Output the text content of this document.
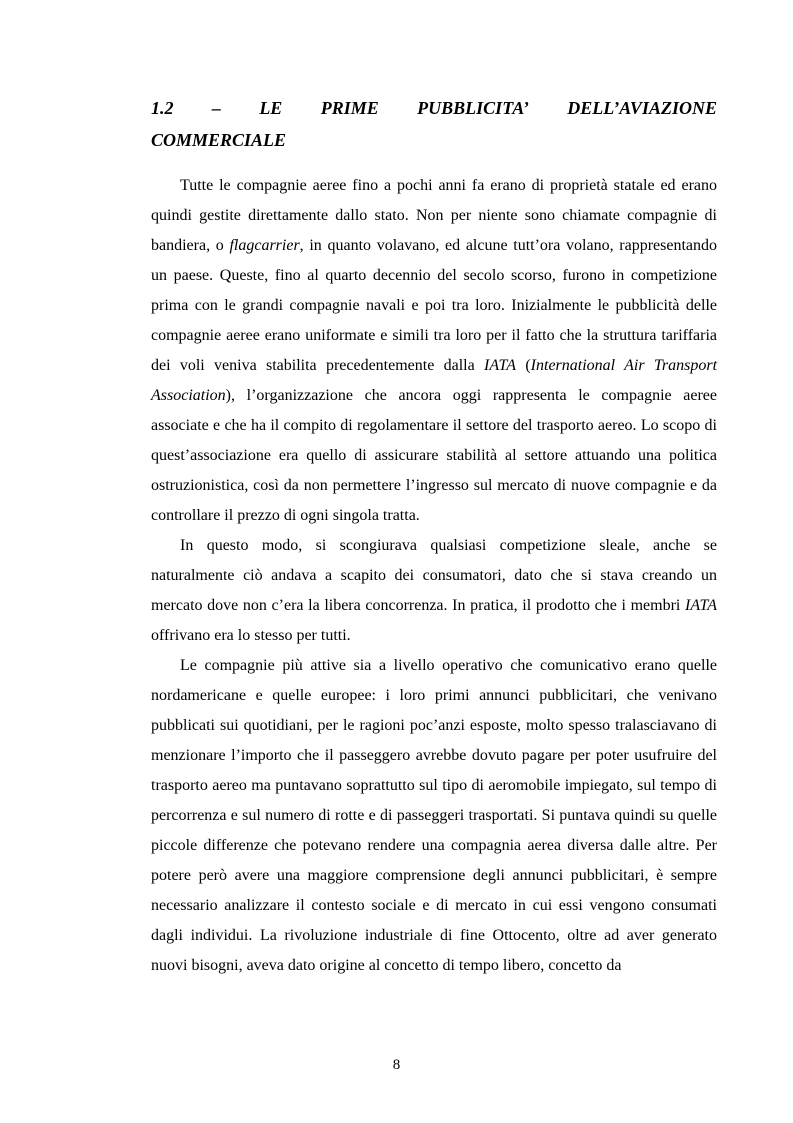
1.2 – LE PRIME PUBBLICITA’ DELL’AVIAZIONE
COMMERCIALE

Tutte le compagnie aeree fino a pochi anni fa erano di proprietà statale ed erano quindi gestite direttamente dallo stato. Non per niente sono chiamate compagnie di bandiera, o flagcarrier, in quanto volavano, ed alcune tutt’ora volano, rappresentando un paese. Queste, fino al quarto decennio del secolo scorso, furono in competizione prima con le grandi compagnie navali e poi tra loro. Inizialmente le pubblicità delle compagnie aeree erano uniformate e simili tra loro per il fatto che la struttura tariffaria dei voli veniva stabilita precedentemente dalla IATA (International Air Transport Association), l’organizzazione che ancora oggi rappresenta le compagnie aeree associate e che ha il compito di regolamentare il settore del trasporto aereo. Lo scopo di quest’associazione era quello di assicurare stabilità al settore attuando una politica ostruzionistica, così da non permettere l’ingresso sul mercato di nuove compagnie e da controllare il prezzo di ogni singola tratta.

In questo modo, si scongiurava qualsiasi competizione sleale, anche se naturalmente ciò andava a scapito dei consumatori, dato che si stava creando un mercato dove non c’era la libera concorrenza. In pratica, il prodotto che i membri IATA offrivano era lo stesso per tutti.

Le compagnie più attive sia a livello operativo che comunicativo erano quelle nordamericane e quelle europee: i loro primi annunci pubblicitari, che venivano pubblicati sui quotidiani, per le ragioni poc’anzi esposte, molto spesso tralasciavano di menzionare l’importo che il passeggero avrebbe dovuto pagare per poter usufruire del trasporto aereo ma puntavano soprattutto sul tipo di aeromobile impiegato, sul tempo di percorrenza e sul numero di rotte e di passeggeri trasportati. Si puntava quindi su quelle piccole differenze che potevano rendere una compagnia aerea diversa dalle altre. Per potere però avere una maggiore comprensione degli annunci pubblicitari, è sempre necessario analizzare il contesto sociale e di mercato in cui essi vengono consumati dagli individui. La rivoluzione industriale di fine Ottocento, oltre ad aver generato nuovi bisogni, aveva dato origine al concetto di tempo libero, concetto da

8
